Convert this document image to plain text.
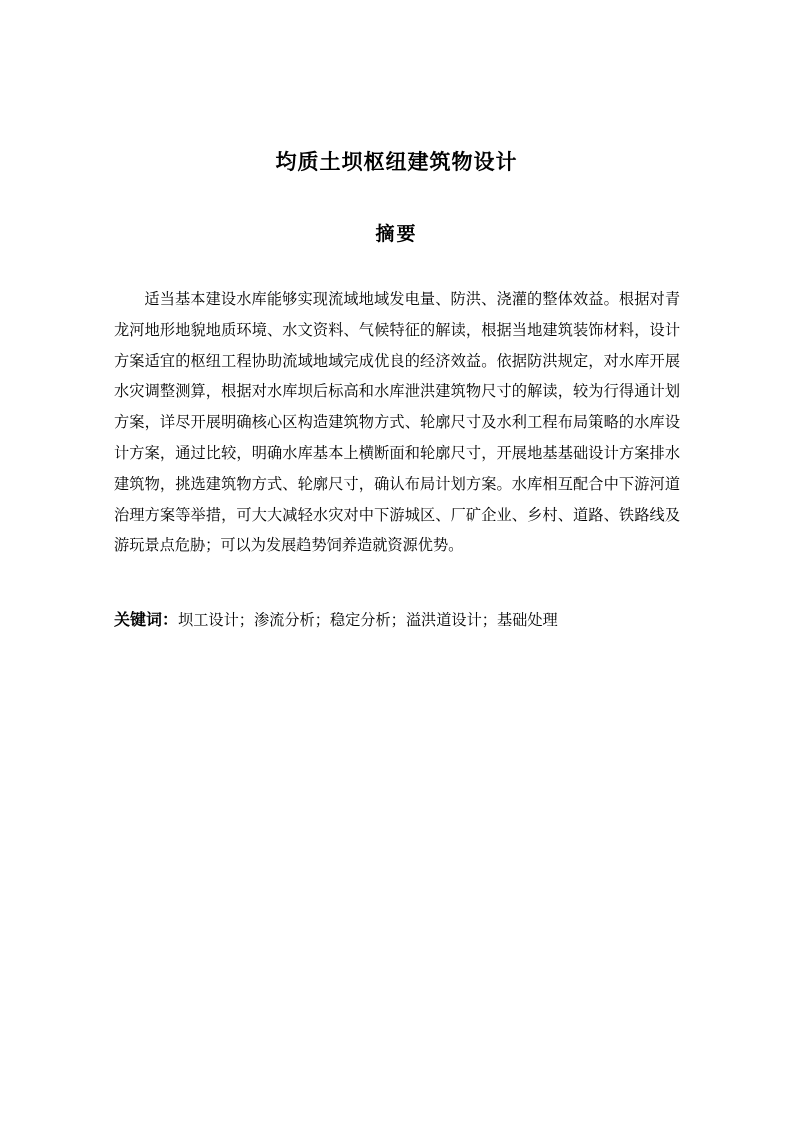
均质土坝枢纽建筑物设计
摘要

适当基本建设水库能够实现流域地域发电量、防洪、浇灌的整体效益。根据对青龙河地形地貌地质环境、水文资料、气候特征的解读，根据当地建筑装饰材料，设计方案适宜的枢纽工程协助流域地域完成优良的经济效益。依据防洪规定，对水库开展水灾调整测算，根据对水库坝后标高和水库泄洪建筑物尺寸的解读，较为行得通计划方案，详尽开展明确核心区构造建筑物方式、轮廓尺寸及水利工程布局策略的水库设计方案，通过比较，明确水库基本上横断面和轮廓尺寸，开展地基基础设计方案排水建筑物，挑选建筑物方式、轮廓尺寸，确认布局计划方案。水库相互配合中下游河道治理方案等举措，可大大减轻水灾对中下游城区、厂矿企业、乡村、道路、铁路线及游玩景点危胁；可以为发展趋势饲养造就资源优势。

关键词：坝工设计；渗流分析；稳定分析；溢洪道设计；基础处理
